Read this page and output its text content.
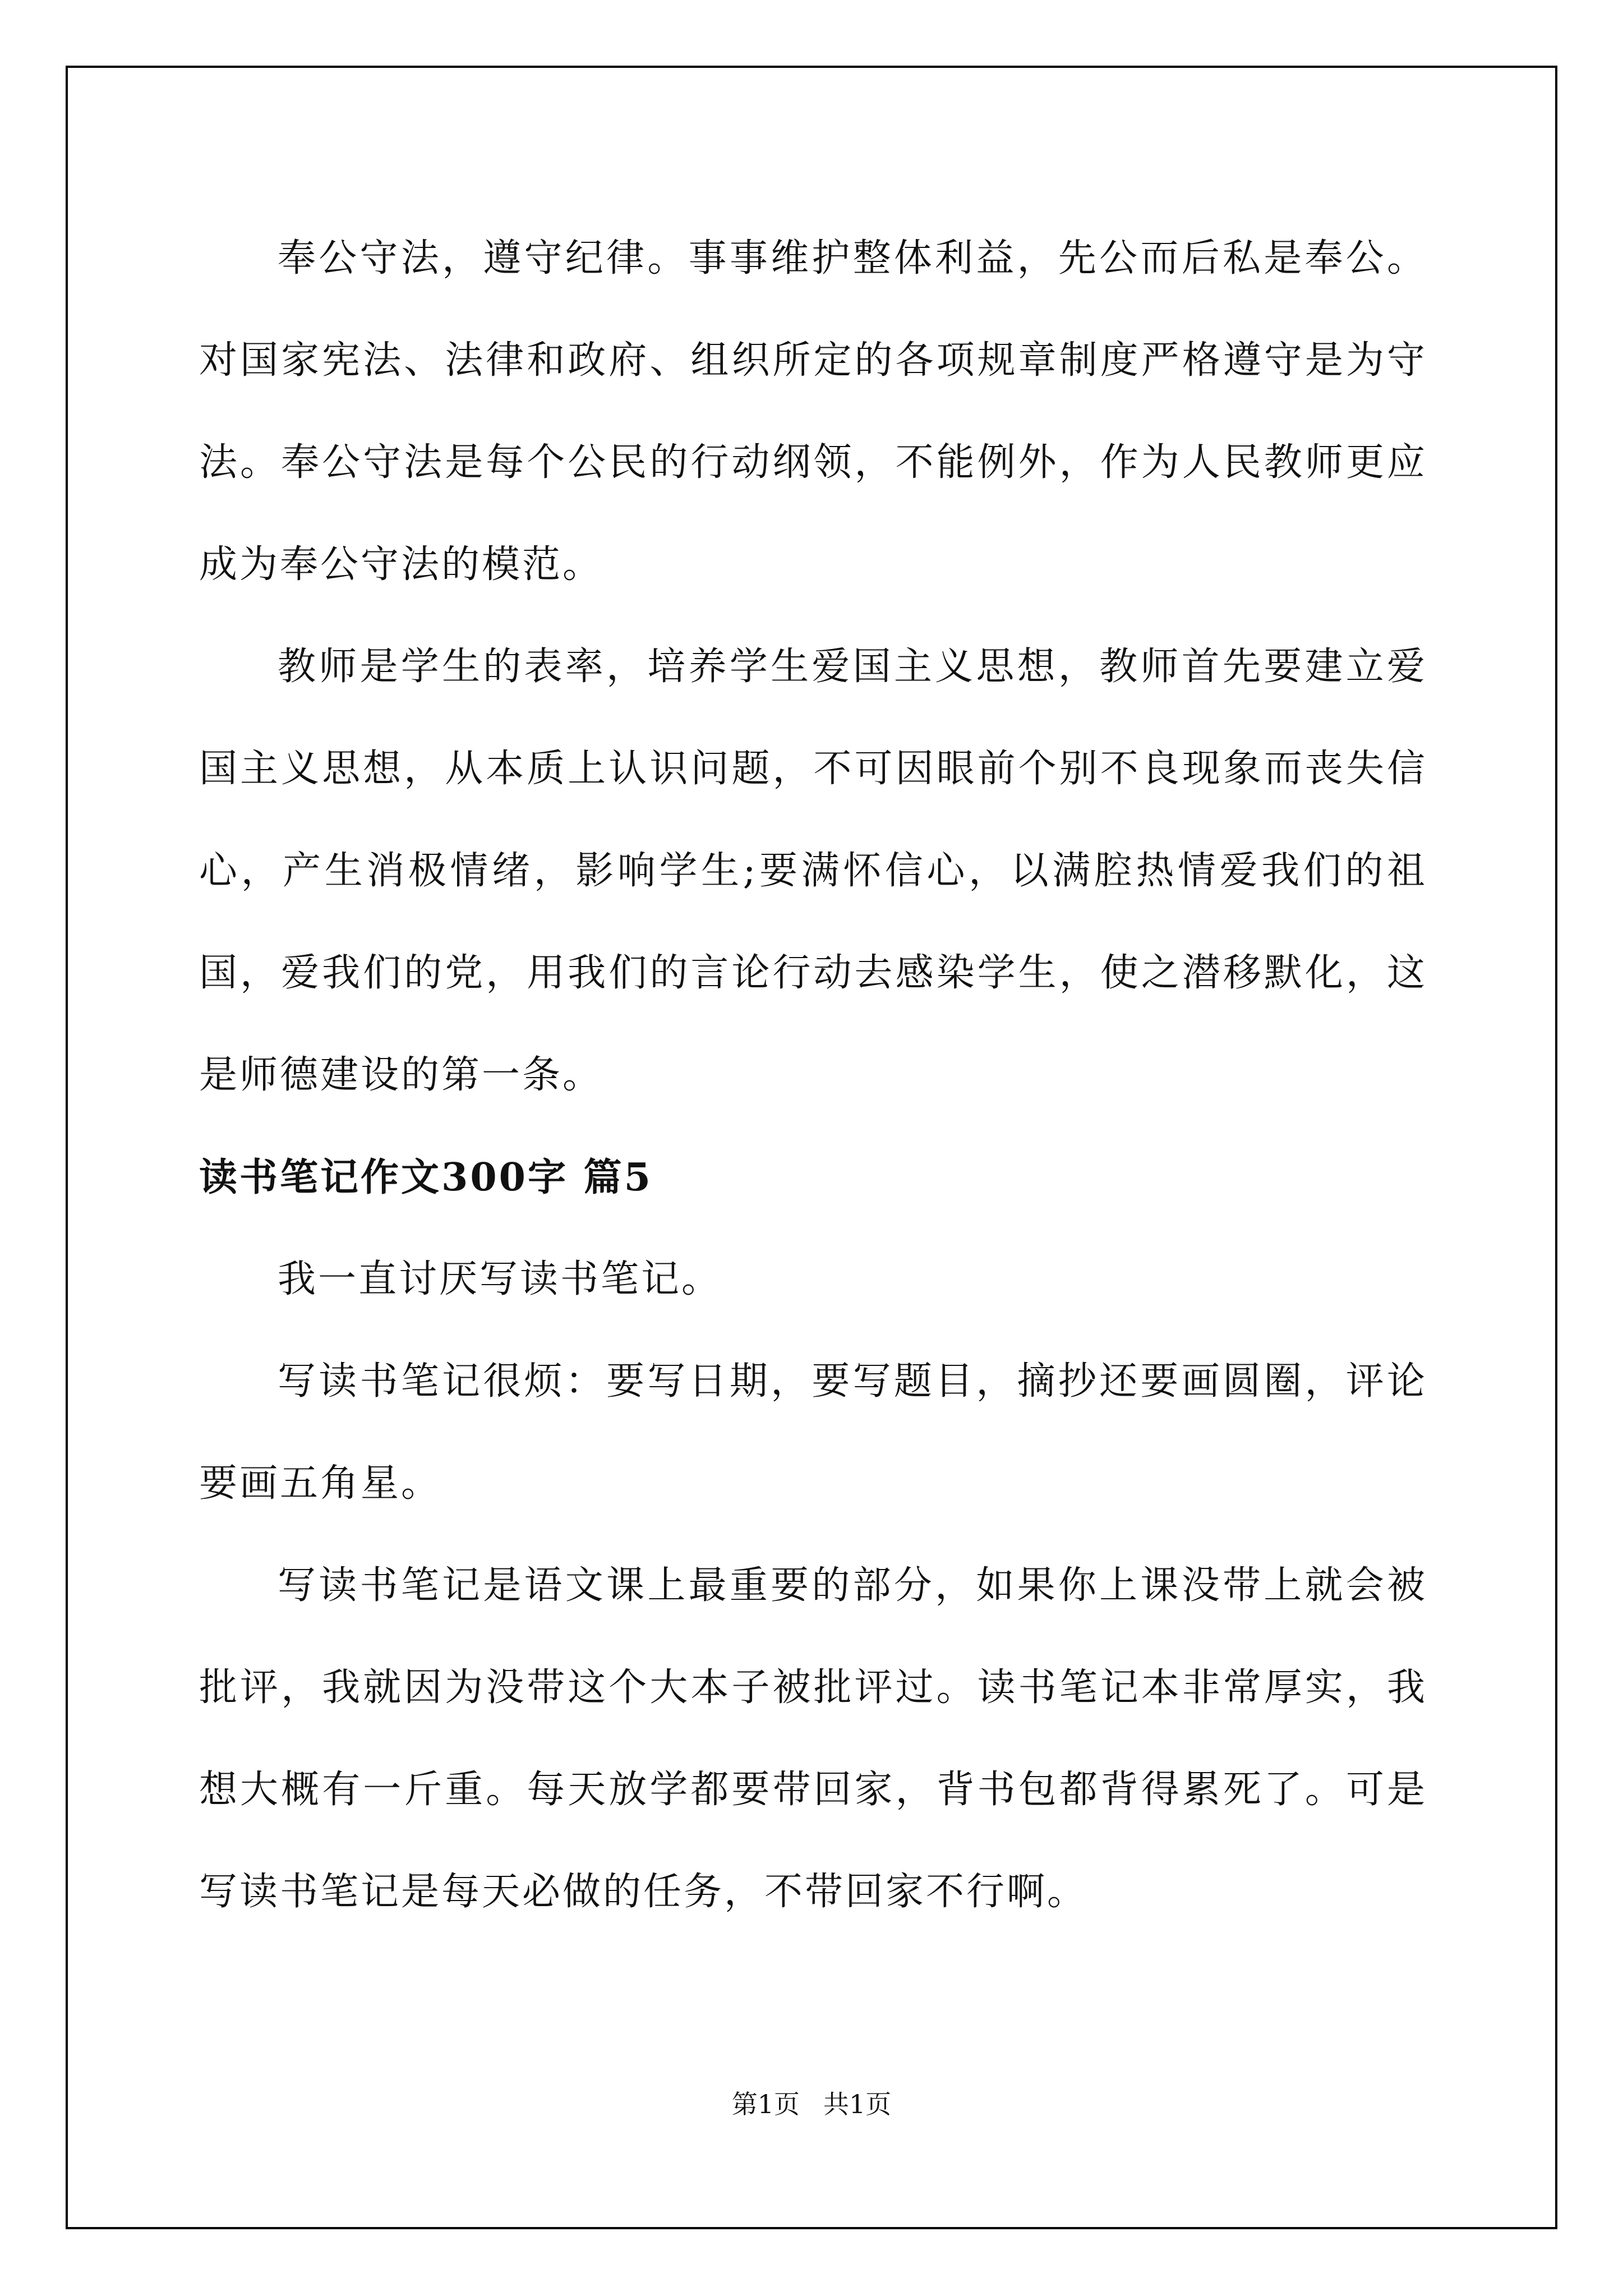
奉公守法，遵守纪律。事事维护整体利益，先公而后私是奉公。对国家宪法、法律和政府、组织所定的各项规章制度严格遵守是为守法。奉公守法是每个公民的行动纲领，不能例外，作为人民教师更应成为奉公守法的模范。

教师是学生的表率，培养学生爱国主义思想，教师首先要建立爱国主义思想，从本质上认识问题，不可因眼前个别不良现象而丧失信心，产生消极情绪，影响学生;要满怀信心，以满腔热情爱我们的祖国，爱我们的党，用我们的言论行动去感染学生，使之潜移默化，这是师德建设的第一条。

读书笔记作文300字 篇5

我一直讨厌写读书笔记。

写读书笔记很烦：要写日期，要写题目，摘抄还要画圆圈，评论要画五角星。

写读书笔记是语文课上最重要的部分，如果你上课没带上就会被批评，我就因为没带这个大本子被批评过。读书笔记本非常厚实，我想大概有一斤重。每天放学都要带回家，背书包都背得累死了。可是写读书笔记是每天必做的任务，不带回家不行啊。

第1页 共1页
